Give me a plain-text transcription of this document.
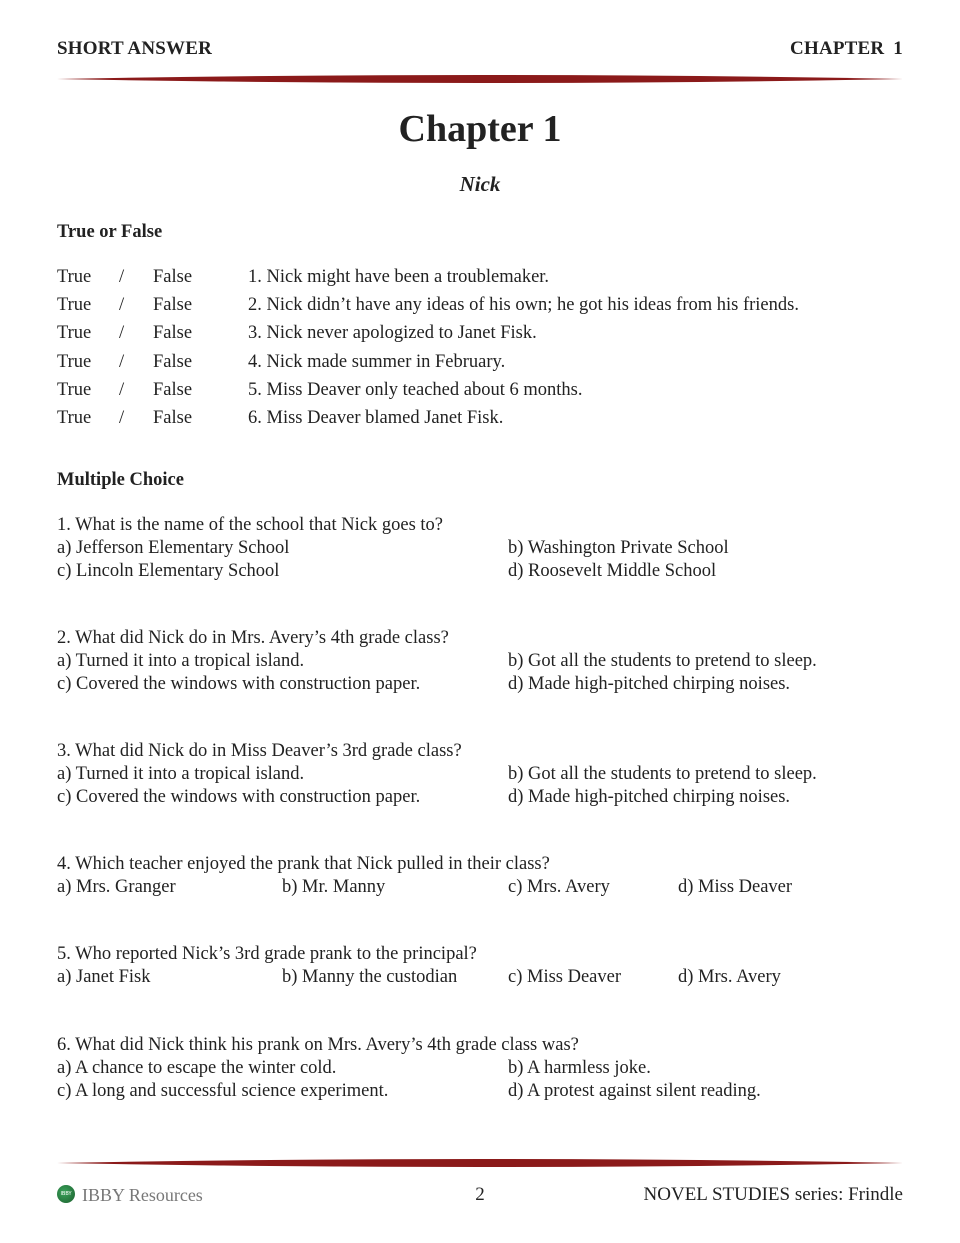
SHORT ANSWER	CHAPTER 1
Chapter 1
Nick
True or False
True / False	1. Nick might have been a troublemaker.
True / False	2. Nick didn’t have any ideas of his own; he got his ideas from his friends.
True / False	3. Nick never apologized to Janet Fisk.
True / False	4. Nick made summer in February.
True / False	5. Miss Deaver only teached about 6 months.
True / False	6. Miss Deaver blamed Janet Fisk.
Multiple Choice
1. What is the name of the school that Nick goes to?
a) Jefferson Elementary School	b) Washington Private School
c) Lincoln Elementary School	d) Roosevelt Middle School
2. What did Nick do in Mrs. Avery’s 4th grade class?
a) Turned it into a tropical island.	b) Got all the students to pretend to sleep.
c) Covered the windows with construction paper.	d) Made high-pitched chirping noises.
3. What did Nick do in Miss Deaver’s 3rd grade class?
a) Turned it into a tropical island.	b) Got all the students to pretend to sleep.
c) Covered the windows with construction paper.	d) Made high-pitched chirping noises.
4. Which teacher enjoyed the prank that Nick pulled in their class?
a) Mrs. Granger	b) Mr. Manny	c) Mrs. Avery	d) Miss Deaver
5. Who reported Nick’s 3rd grade prank to the principal?
a) Janet Fisk	b) Manny the custodian	c) Miss Deaver	d) Mrs. Avery
6. What did Nick think his prank on Mrs. Avery’s 4th grade class was?
a) A chance to escape the winter cold.	b) A harmless joke.
c) A long and successful science experiment.	d) A protest against silent reading.
IBBY IBBY Resources	2	NOVEL STUDIES series: Frindle
